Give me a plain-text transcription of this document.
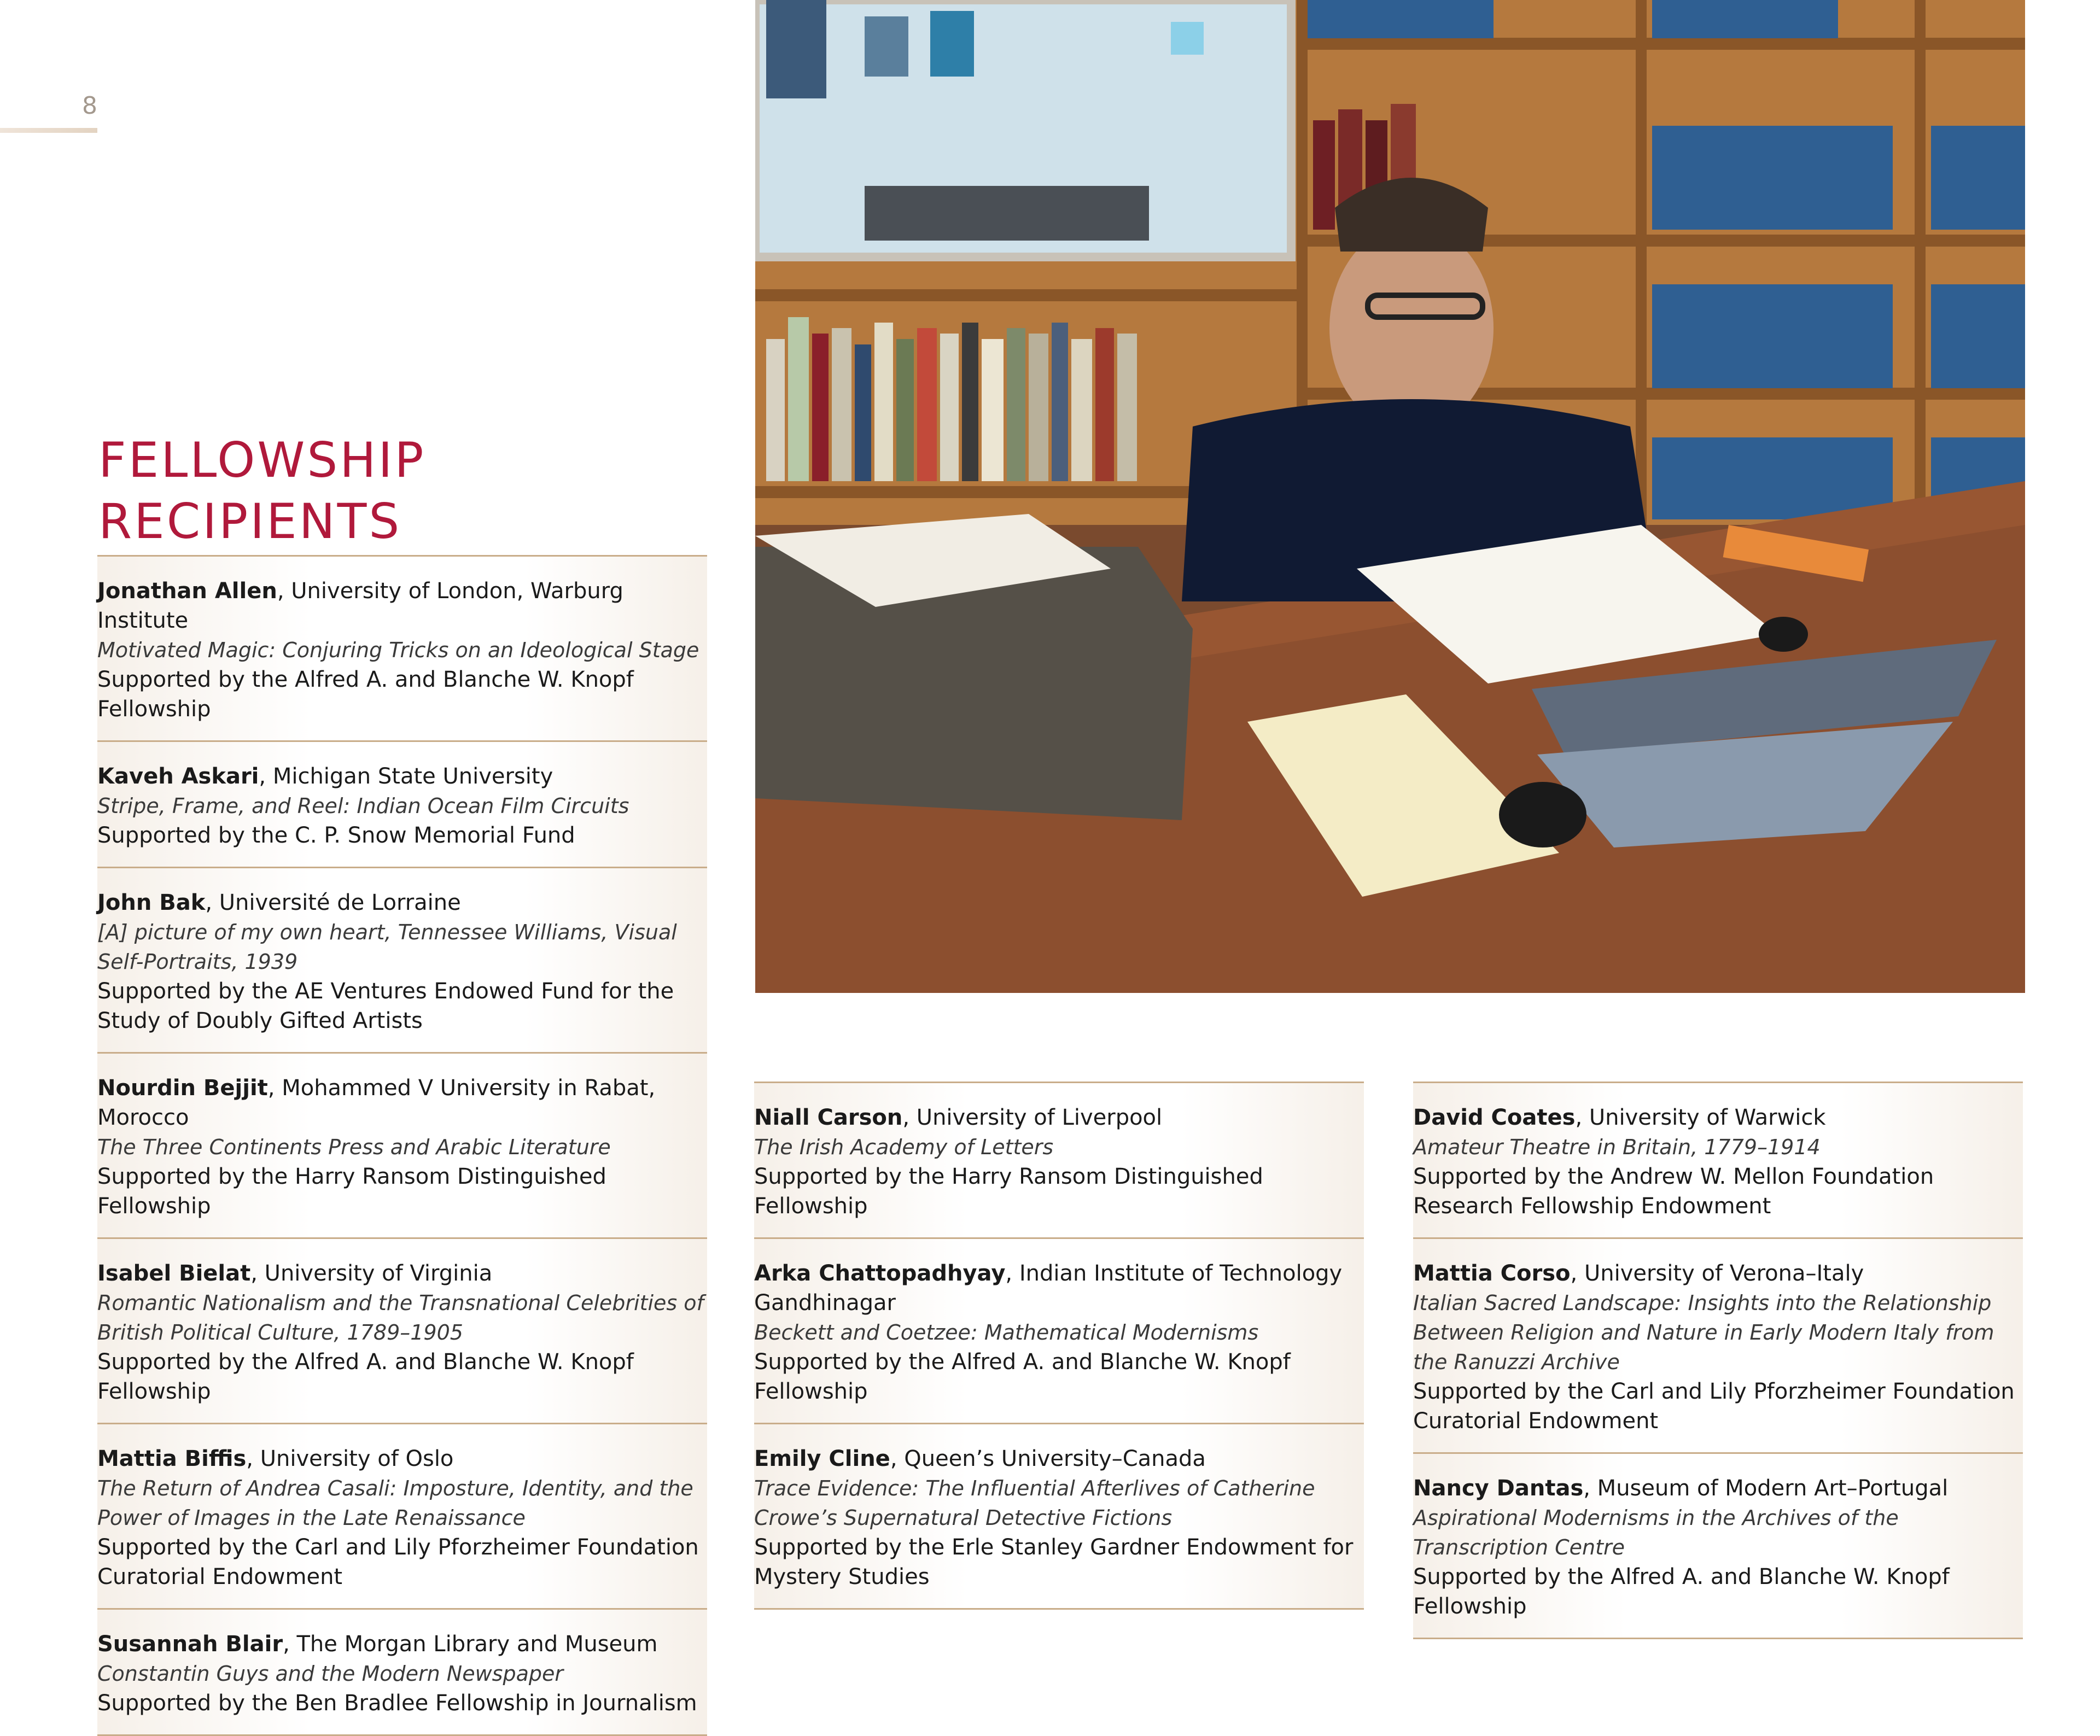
8
FELLOWSHIP
RECIPIENTS

Jonathan Allen, University of London, Warburg Institute

Motivated Magic: Conjuring Tricks on an Ideological Stage

Supported by the Alfred A. and Blanche W. Knopf Fellowship

Kaveh Askari, Michigan State University

Stripe, Frame, and Reel: Indian Ocean Film Circuits

Supported by the C. P. Snow Memorial Fund

John Bak, Université de Lorraine

[A] picture of my own heart, Tennessee Williams, Visual Self-Portraits, 1939

Supported by the AE Ventures Endowed Fund for the Study of Doubly Gifted Artists

Nourdin Bejjit, Mohammed V University in Rabat, Morocco

The Three Continents Press and Arabic Literature

Supported by the Harry Ransom Distinguished Fellowship

Isabel Bielat, University of Virginia

Romantic Nationalism and the Transnational Celebrities of British Political Culture, 1789–1905

Supported by the Alfred A. and Blanche W. Knopf Fellowship

Mattia Biffis, University of Oslo

The Return of Andrea Casali: Imposture, Identity, and the Power of Images in the Late Renaissance

Supported by the Carl and Lily Pforzheimer Foundation Curatorial Endowment

Susannah Blair, The Morgan Library and Museum

Constantin Guys and the Modern Newspaper

Supported by the Ben Bradlee Fellowship in Journalism

Niall Carson, University of Liverpool

The Irish Academy of Letters

Supported by the Harry Ransom Distinguished Fellowship

Arka Chattopadhyay, Indian Institute of Technology Gandhinagar

Beckett and Coetzee: Mathematical Modernisms

Supported by the Alfred A. and Blanche W. Knopf Fellowship

Emily Cline, Queen’s University–Canada

Trace Evidence: The Influential Afterlives of Catherine Crowe’s Supernatural Detective Fictions

Supported by the Erle Stanley Gardner Endowment for Mystery Studies

David Coates, University of Warwick

Amateur Theatre in Britain, 1779–1914

Supported by the Andrew W. Mellon Foundation Research Fellowship Endowment

Mattia Corso, University of Verona–Italy

Italian Sacred Landscape: Insights into the Relationship Between Religion and Nature in Early Modern Italy from the Ranuzzi Archive

Supported by the Carl and Lily Pforzheimer Foundation Curatorial Endowment

Nancy Dantas, Museum of Modern Art–Portugal

Aspirational Modernisms in the Archives of the Transcription Centre

Supported by the Alfred A. and Blanche W. Knopf Fellowship
